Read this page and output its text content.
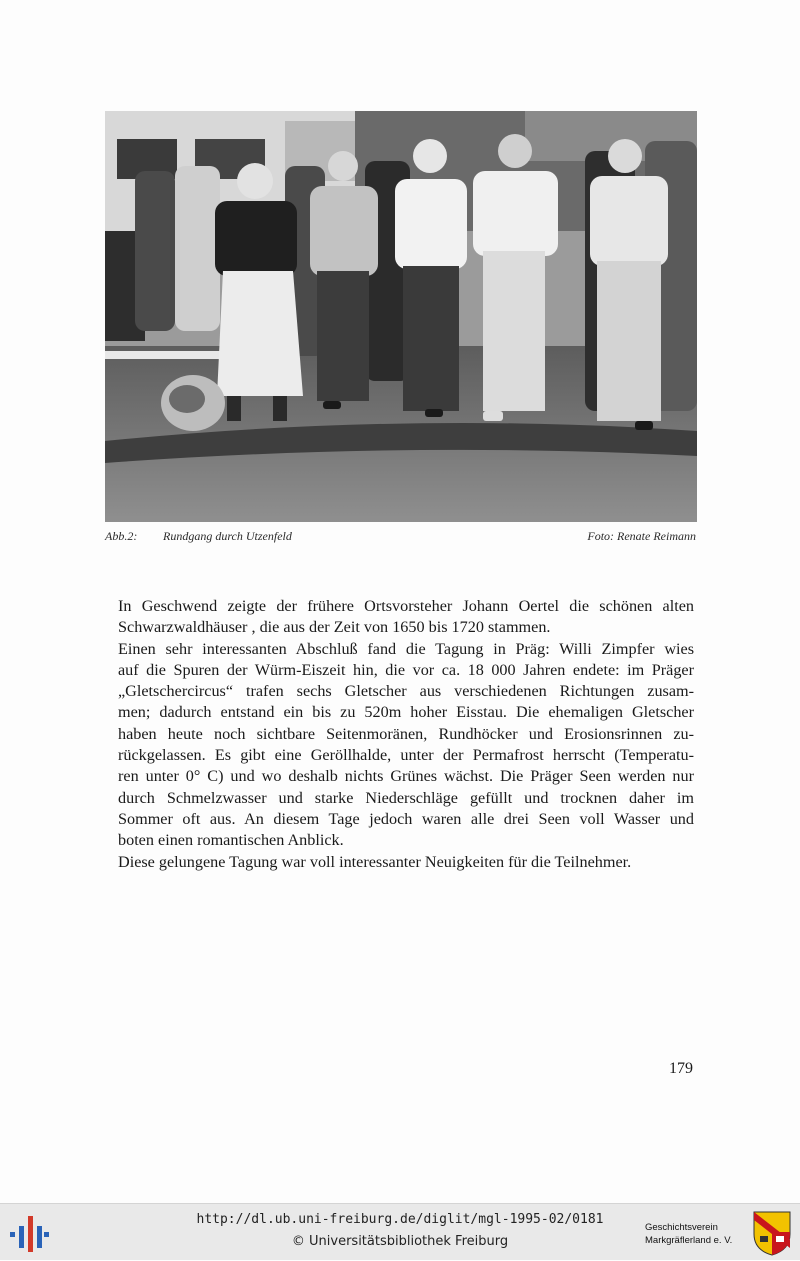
Abb.2: Rundgang durch Utzenfeld	Foto: Renate Reimann

In Geschwend zeigte der frühere Ortsvorsteher Johann Oertel die schönen alten
Schwarzwaldhäuser , die aus der Zeit von 1650 bis 1720 stammen.

Einen sehr interessanten Abschluß fand die Tagung in Präg: Willi Zimpfer wies
auf die Spuren der Würm-Eiszeit hin, die vor ca. 18 000 Jahren endete: im Präger
„Gletschercircus“ trafen sechs Gletscher aus verschiedenen Richtungen zusam-
men; dadurch entstand ein bis zu 520m hoher Eisstau. Die ehemaligen Gletscher
haben heute noch sichtbare Seitenmoränen, Rundhöcker und Erosionsrinnen zu-
rückgelassen. Es gibt eine Geröllhalde, unter der Permafrost herrscht (Temperatu-
ren unter 0° C) und wo deshalb nichts Grünes wächst. Die Präger Seen werden nur
durch Schmelzwasser und starke Niederschläge gefüllt und trocknen daher im
Sommer oft aus. An diesem Tage jedoch waren alle drei Seen voll Wasser und
boten einen romantischen Anblick.

Diese gelungene Tagung war voll interessanter Neuigkeiten für die Teilnehmer.

179
http://dl.ub.uni-freiburg.de/diglit/mgl-1995-02/0181
© Universitätsbibliothek Freiburg
Geschichtsverein
Markgräflerland e. V.
